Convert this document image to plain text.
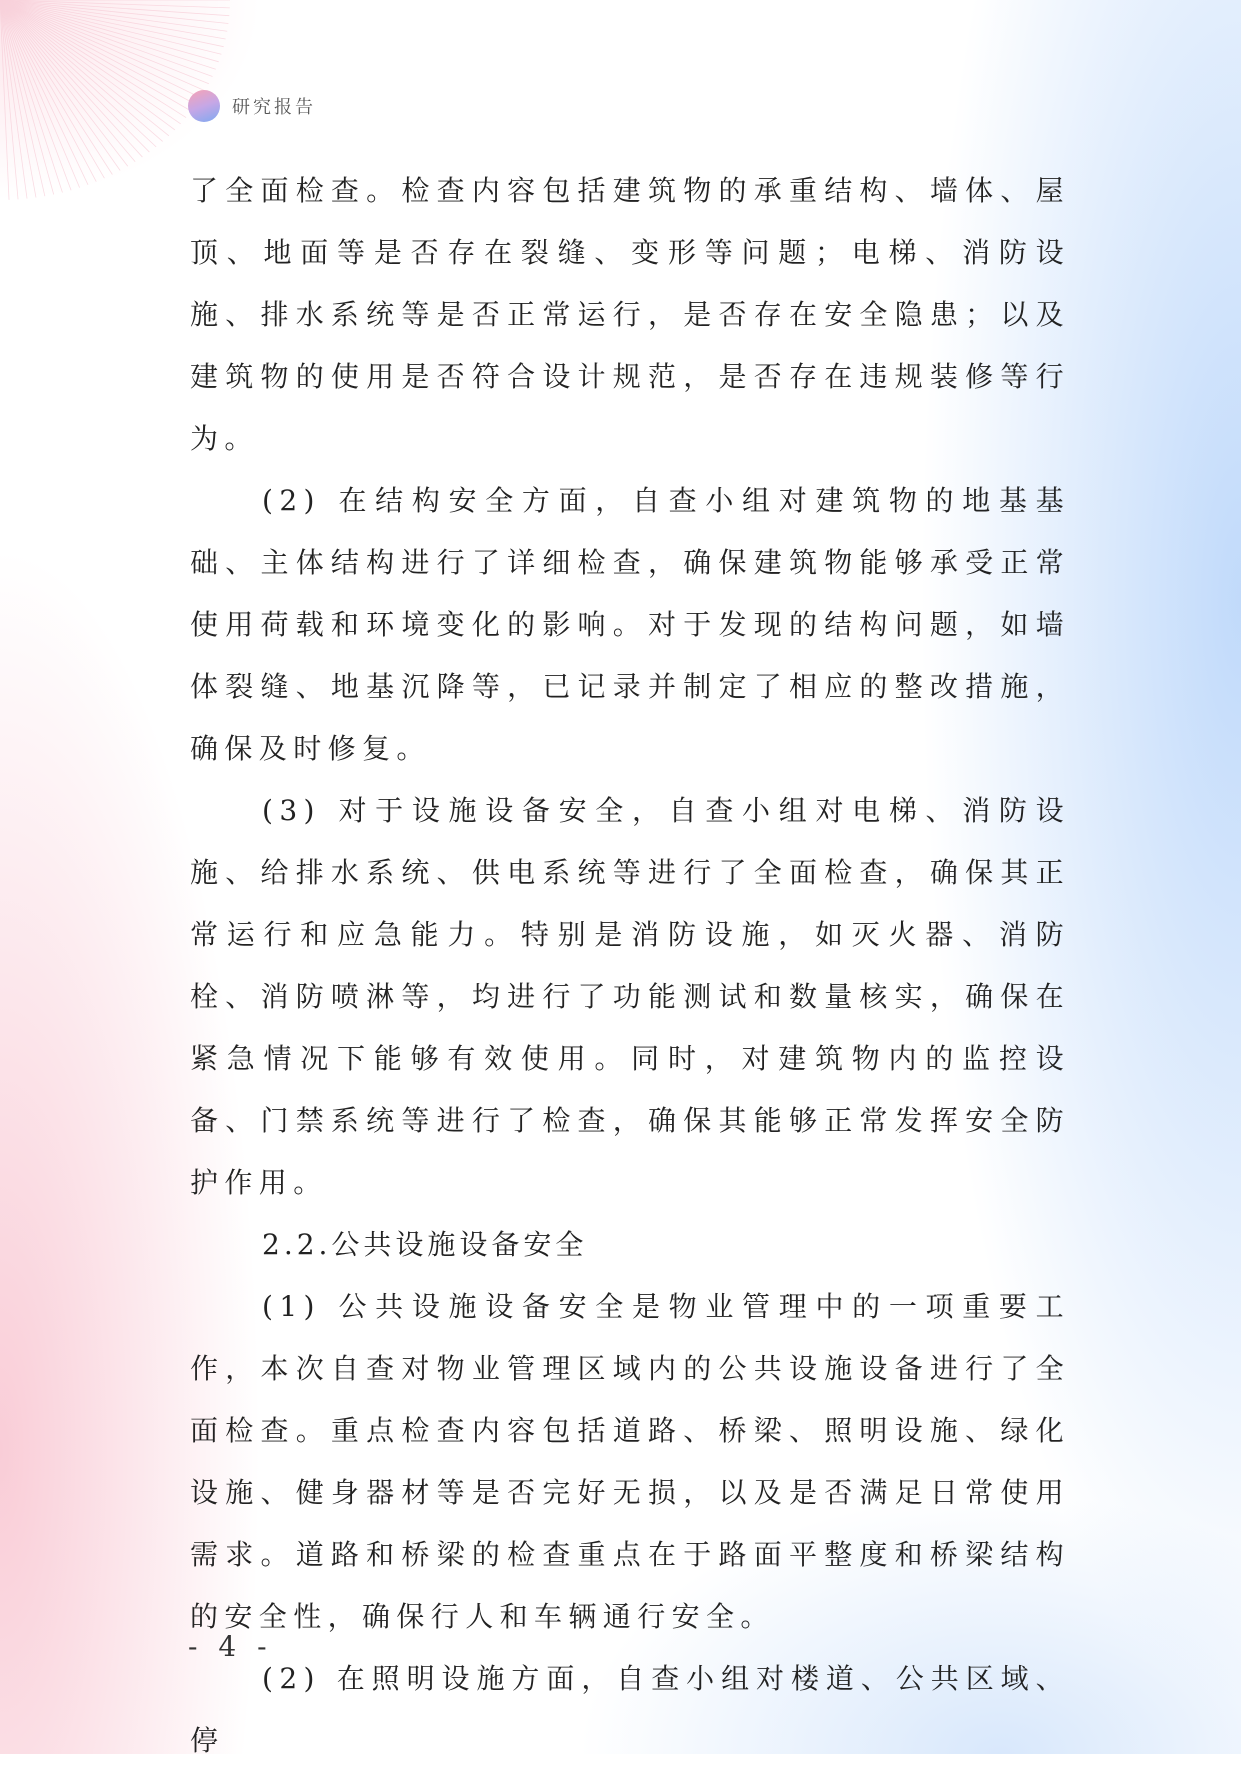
研究报告

了全面检查。检查内容包括建筑物的承重结构、墙体、屋顶、地面等是否存在裂缝、变形等问题；电梯、消防设施、排水系统等是否正常运行，是否存在安全隐患；以及建筑物的使用是否符合设计规范，是否存在违规装修等行为。

(2) 在结构安全方面，自查小组对建筑物的地基基础、主体结构进行了详细检查，确保建筑物能够承受正常使用荷载和环境变化的影响。对于发现的结构问题，如墙体裂缝、地基沉降等，已记录并制定了相应的整改措施，确保及时修复。

(3) 对于设施设备安全，自查小组对电梯、消防设施、给排水系统、供电系统等进行了全面检查，确保其正常运行和应急能力。特别是消防设施，如灭火器、消防栓、消防喷淋等，均进行了功能测试和数量核实，确保在紧急情况下能够有效使用。同时，对建筑物内的监控设备、门禁系统等进行了检查，确保其能够正常发挥安全防护作用。

2.2.公共设施设备安全

(1) 公共设施设备安全是物业管理中的一项重要工作，本次自查对物业管理区域内的公共设施设备进行了全面检查。重点检查内容包括道路、桥梁、照明设施、绿化设施、健身器材等是否完好无损，以及是否满足日常使用需求。道路和桥梁的检查重点在于路面平整度和桥梁结构的安全性，确保行人和车辆通行安全。

(2) 在照明设施方面，自查小组对楼道、公共区域、停

- 4 -
